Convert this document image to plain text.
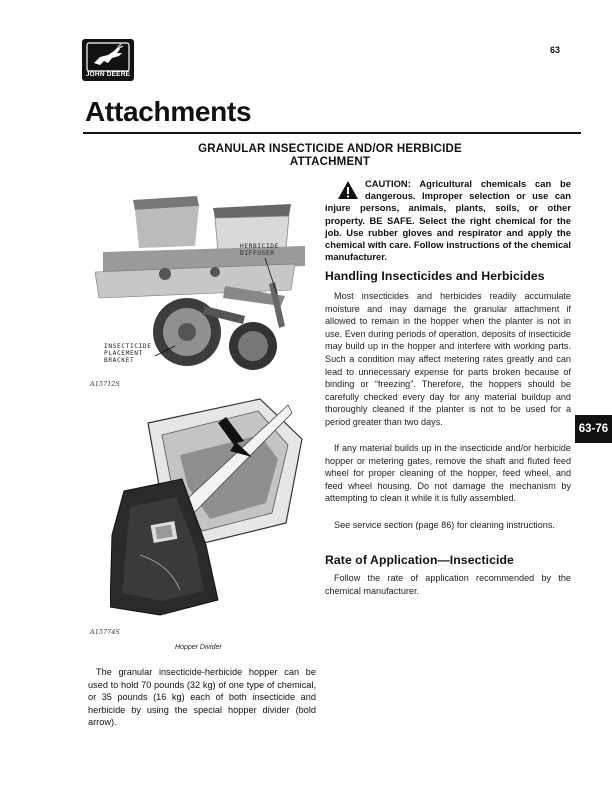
JOHN DEERE
63
Attachments
GRANULAR INSECTICIDE AND/OR HERBICIDE ATTACHMENT
HERBICIDE
DIFFUSER
INSECTICIDE
PLACEMENT
BRACKET
A15712S
A15774S
Hopper Divider

The granular insecticide-herbicide hopper can be used to hold 70 pounds (32 kg) of one type of chemical, or 35 pounds (16 kg) each of both insecticide and herbicide by using the special hopper divider (bold arrow).

CAUTION: Agricultural chemicals can be dangerous. Improper selection or use can injure persons, animals, plants, soils, or other property. BE SAFE. Select the right chemical for the job. Use rubber gloves and respirator and apply the chemical with care. Follow instructions of the chemical manufacturer.
Handling Insecticides and Herbicides

Most insecticides and herbicides readily accumulate moisture and may damage the granular attachment if allowed to remain in the hopper when the planter is not in use. Even during periods of operation, deposits of insecticide may build up in the hopper and interfere with working parts. Such a condition may affect metering rates greatly and can lead to unnecessary expense for parts broken because of binding or “freezing”. Therefore, the hoppers should be carefully checked every day for any material buildup and thoroughly cleaned if the planter is not to be used for a period greater than two days.

If any material builds up in the insecticide and/or herbicide hopper or metering gates, remove the shaft and fluted feed wheel for proper cleaning of the hopper, feed wheel, and feed wheel housing. Do not damage the mechanism by attempting to clean it while it is fully assembled.

See service section (page 86) for cleaning instructions.

Rate of Application—Insecticide

Follow the rate of application recommended by the chemical manufacturer.

63-76
